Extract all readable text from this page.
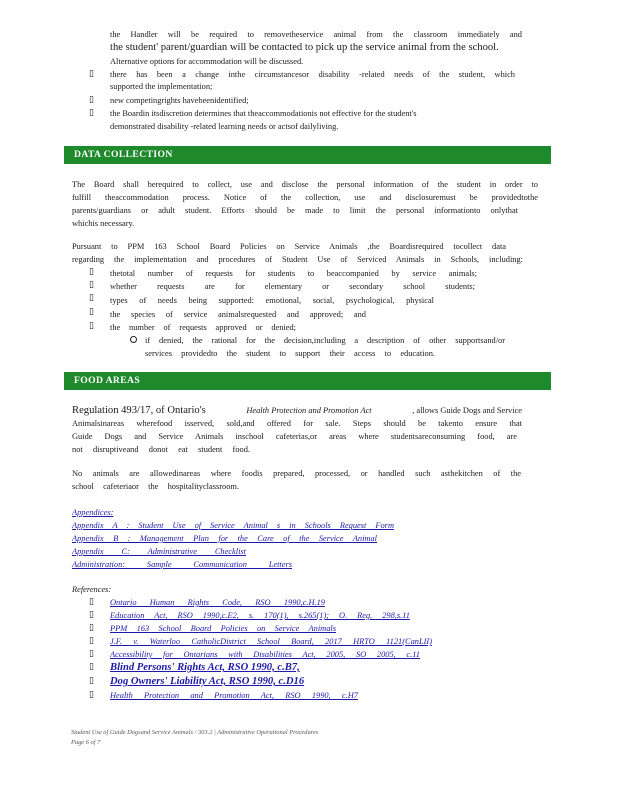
the Handler will be required to removetheservice animal from the classroom immediately and
the student' parent/guardian will be contacted to pick up the service animal from the school.
Alternative options for accommodation will be discussed.
▯ there has been a change inthe circumstancesor disability -related needs of the student, which
supported the implementation;
▯ new competingrights havebeenidentified;
▯ the Boardin itsdiscretion determines that theaccommodationis not effective for the student's
demonstrated disability -related learning needs or actsof dailyliving.
DATA COLLECTION
The Board shall berequired to collect, use and disclose the personal information of the student in order to
fulfill theaccommodation process. Notice of the collection, use and disclosuremust be providedtothe
parents/guardians or adult student. Efforts should be made to limit the personal informationto onlythat
whichis necessary.
Pursuant to PPM 163 School Board Policies on Service Animals ,the Boardisrequired tocollect data
regarding the implementation and procedures of Student Use of Serviced Animals in Schools, including:
▯ thetotal number of requests for students to beaccompanied by service animals;
▯ whether requests are for elementary or secondary school students;
▯ types of needs being supported: emotional, social, psychological, physical
▯ the species of service animalsrequested and approved; and
▯ the number of requests approved or denied;
if denied, the rational for the decision,including a description of other supportsand/or
services providedto the student to support their access to education.
FOOD AREAS
Regulation 493/17, of Ontario's	Health Protection and Promotion Act	, allows Guide Dogs and Service
Animalsinareas wherefood isserved, sold,and offered for sale. Steps should be takento ensure that
Guide Dogs and Service Animals inschool cafeterias,or areas where studentsareconsuming food, are
not disruptiveand donot eat student food.
No animals are allowedinareas where foodis prepared, processed, or handled such asthekitchen of the
school cafeteriaor the hospitalityclassroom.
Appendices:
Appendix A : Student Use of Service Animal s in Schools Request Form
Appendix B : Management Plan for the Care of the Service Animal
Appendix C: Administrative Checklist
Administration: Sample Communication Letters
References:
▯ Ontario Human Rights Code, RSO 1990,c.H.19
▯ Education Act, RSO 1990,c.E2, s. 170(1), s.265(1); O. Reg. 298,s.11
▯ PPM 163 School Board Policies on Service Animals
▯ J.F. v. Waterloo CatholicDistrict School Board, 2017 HRTO 1121(CanLII)
▯ Accessibility for Ontarians with Disabilities Act, 2005, SO 2005, c.11
▯ Blind Persons' Rights Act, RSO 1990, c.B7,
▯ Dog Owners' Liability Act, RSO 1990, c.D16
▯ Health Protection and Promotion Act, RSO 1990, c.H7
Student Use of Guide Dogsand Service Animals / 303.2 | Administrative Operational Procedures
Page 6 of 7
